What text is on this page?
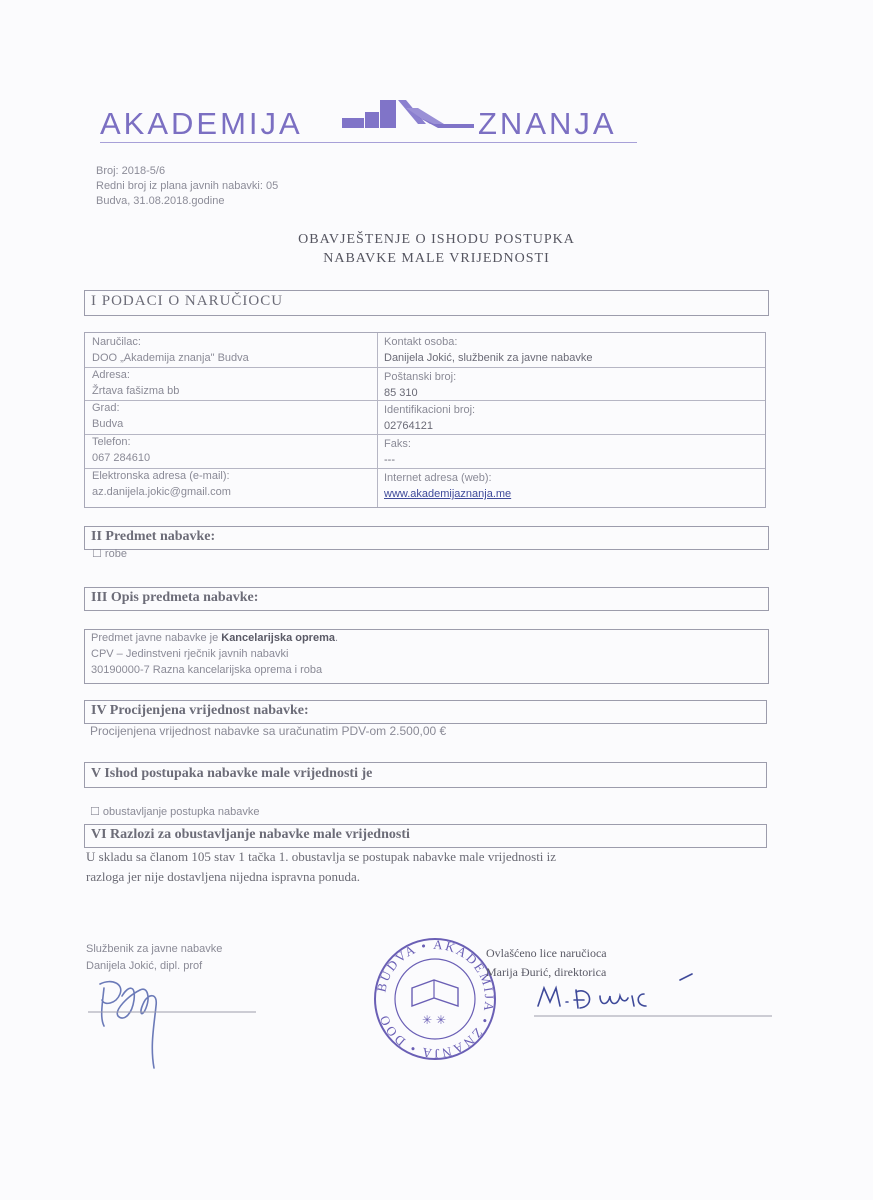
AKADEMIJA	ZNANJA
Broj: 2018-5/6
Redni broj iz plana javnih nabavki: 05
Budva, 31.08.2018.godine
OBAVJEŠTENJE O ISHODU POSTUPKA
NABAVKE MALE VRIJEDNOSTI
I PODACI O NARUČIOCU
Naručilac:
DOO „Akademija znanja" Budva
Kontakt osoba:
Danijela Jokić, službenik za javne nabavke
Adresa:
Žrtava fašizma bb
Poštanski broj:
85 310
Grad:
Budva
Identifikacioni broj:
02764121
Telefon:
067 284610
Faks:
---
Elektronska adresa (e-mail):
az.danijela.jokic@gmail.com
Internet adresa (web):
www.akademijaznanja.me
II Predmet nabavke:
☐ robe
III Opis predmeta nabavke:
Predmet javne nabavke je Kancelarijska oprema.
CPV – Jedinstveni rječnik javnih nabavki
30190000-7 Razna kancelarijska oprema i roba
IV Procijenjena vrijednost nabavke:
Procijenjena vrijednost nabavke sa uračunatim PDV-om 2.500,00 €
V Ishod postupaka nabavke male vrijednosti je
☐ obustavljanje postupka nabavke
VI Razlozi za obustavljanje nabavke male vrijednosti
U skladu sa članom 105 stav 1 tačka 1. obustavlja se postupak nabavke male vrijednosti iz
razloga jer nije dostavljena nijedna ispravna ponuda.
Službenik za javne nabavke
Danijela Jokić, dipl. prof
BUDVA • AKADEMIJA • ZNANJA • DOO	✳ ✳
Ovlašćeno lice naručioca
Marija Đurić, direktorica
